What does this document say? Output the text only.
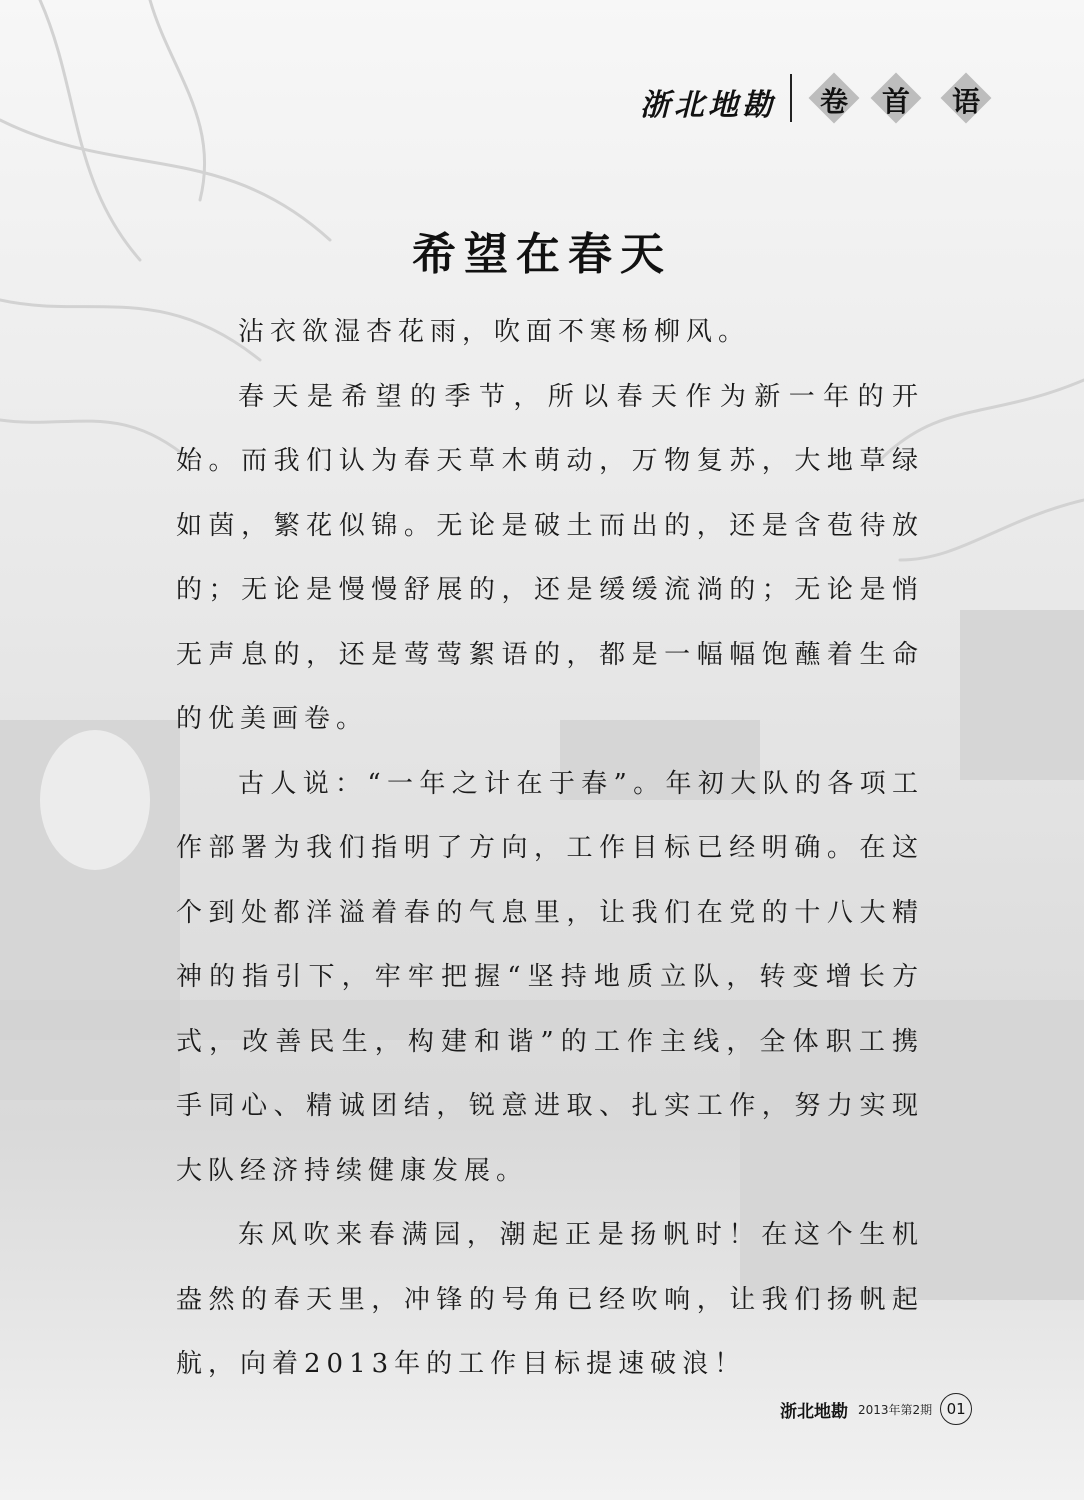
浙北地勘	卷	首	语
希望在春天

沾衣欲湿杏花雨，吹面不寒杨柳风。

春天是希望的季节，所以春天作为新一年的开始。而我们认为春天草木萌动，万物复苏，大地草绿如茵，繁花似锦。无论是破土而出的，还是含苞待放的；无论是慢慢舒展的，还是缓缓流淌的；无论是悄无声息的，还是莺莺絮语的，都是一幅幅饱蘸着生命的优美画卷。

古人说：“一年之计在于春”。年初大队的各项工作部署为我们指明了方向，工作目标已经明确。在这个到处都洋溢着春的气息里，让我们在党的十八大精神的指引下，牢牢把握“坚持地质立队，转变增长方式，改善民生，构建和谐”的工作主线，全体职工携手同心、精诚团结，锐意进取、扎实工作，努力实现大队经济持续健康发展。

东风吹来春满园，潮起正是扬帆时！在这个生机盎然的春天里，冲锋的号角已经吹响，让我们扬帆起航，向着2013年的工作目标提速破浪！

浙北地勘 2013年第2期 01
